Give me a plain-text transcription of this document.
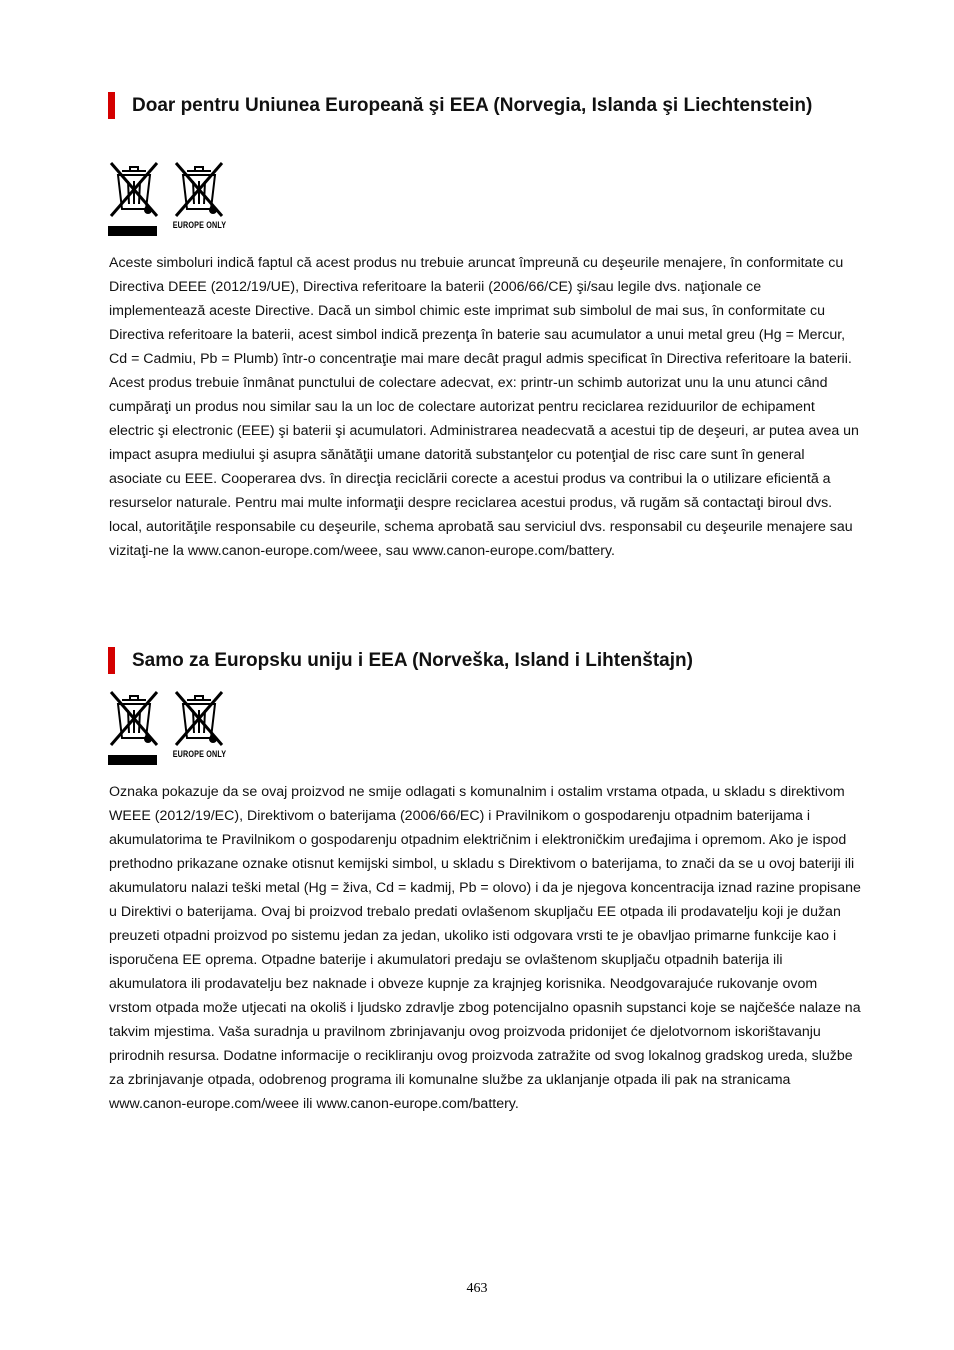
Doar pentru Uniunea Europeană şi EEA (Norvegia, Islanda şi Liechtenstein)
EUROPE ONLY

Aceste simboluri indică faptul că acest produs nu trebuie aruncat împreună cu deşeurile menajere, în conformitate cu Directiva DEEE (2012/19/UE), Directiva referitoare la baterii (2006/66/CE) şi/sau legile dvs. naţionale ce implementează aceste Directive. Dacă un simbol chimic este imprimat sub simbolul de mai sus, în conformitate cu Directiva referitoare la baterii, acest simbol indică prezenţa în baterie sau acumulator a unui metal greu (Hg = Mercur, Cd = Cadmiu, Pb = Plumb) într-o concentraţie mai mare decât pragul admis specificat în Directiva referitoare la baterii. Acest produs trebuie înmânat punctului de colectare adecvat, ex: printr-un schimb autorizat unu la unu atunci când cumpăraţi un produs nou similar sau la un loc de colectare autorizat pentru reciclarea reziduurilor de echipament electric şi electronic (EEE) şi baterii şi acumulatori. Administrarea neadecvată a acestui tip de deşeuri, ar putea avea un impact asupra mediului şi asupra sănătăţii umane datorită substanţelor cu potenţial de risc care sunt în general asociate cu EEE. Cooperarea dvs. în direcţia reciclării corecte a acestui produs va contribui la o utilizare eficientă a resurselor naturale. Pentru mai multe informaţii despre reciclarea acestui produs, vă rugăm să contactaţi biroul dvs. local, autorităţile responsabile cu deşeurile, schema aprobată sau serviciul dvs. responsabil cu deşeurile menajere sau vizitaţi-ne la www.canon-europe.com/weee, sau www.canon-europe.com/battery.

Samo za Europsku uniju i EEA (Norveška, Island i Lihtenštajn)
EUROPE ONLY

Oznaka pokazuje da se ovaj proizvod ne smije odlagati s komunalnim i ostalim vrstama otpada, u skladu s direktivom WEEE (2012/19/EC), Direktivom o baterijama (2006/66/EC) i Pravilnikom o gospodarenju otpadnim baterijama i akumulatorima te Pravilnikom o gospodarenju otpadnim električnim i elektroničkim uređajima i opremom. Ako je ispod prethodno prikazane oznake otisnut kemijski simbol, u skladu s Direktivom o baterijama, to znači da se u ovoj bateriji ili akumulatoru nalazi teški metal (Hg = živa, Cd = kadmij, Pb = olovo) i da je njegova koncentracija iznad razine propisane u Direktivi o baterijama. Ovaj bi proizvod trebalo predati ovlašenom skupljaču EE otpada ili prodavatelju koji je dužan preuzeti otpadni proizvod po sistemu jedan za jedan, ukoliko isti odgovara vrsti te je obavljao primarne funkcije kao i isporučena EE oprema. Otpadne baterije i akumulatori predaju se ovlaštenom skupljaču otpadnih baterija ili akumulatora ili prodavatelju bez naknade i obveze kupnje za krajnjeg korisnika. Neodgovarajuće rukovanje ovom vrstom otpada može utjecati na okoliš i ljudsko zdravlje zbog potencijalno opasnih supstanci koje se najčešće nalaze na takvim mjestima. Vaša suradnja u pravilnom zbrinjavanju ovog proizvoda pridonijet će djelotvornom iskorištavanju prirodnih resursa. Dodatne informacije o recikliranju ovog proizvoda zatražite od svog lokalnog gradskog ureda, službe za zbrinjavanje otpada, odobrenog programa ili komunalne službe za uklanjanje otpada ili pak na stranicama www.canon-europe.com/weee ili www.canon-europe.com/battery.

463
